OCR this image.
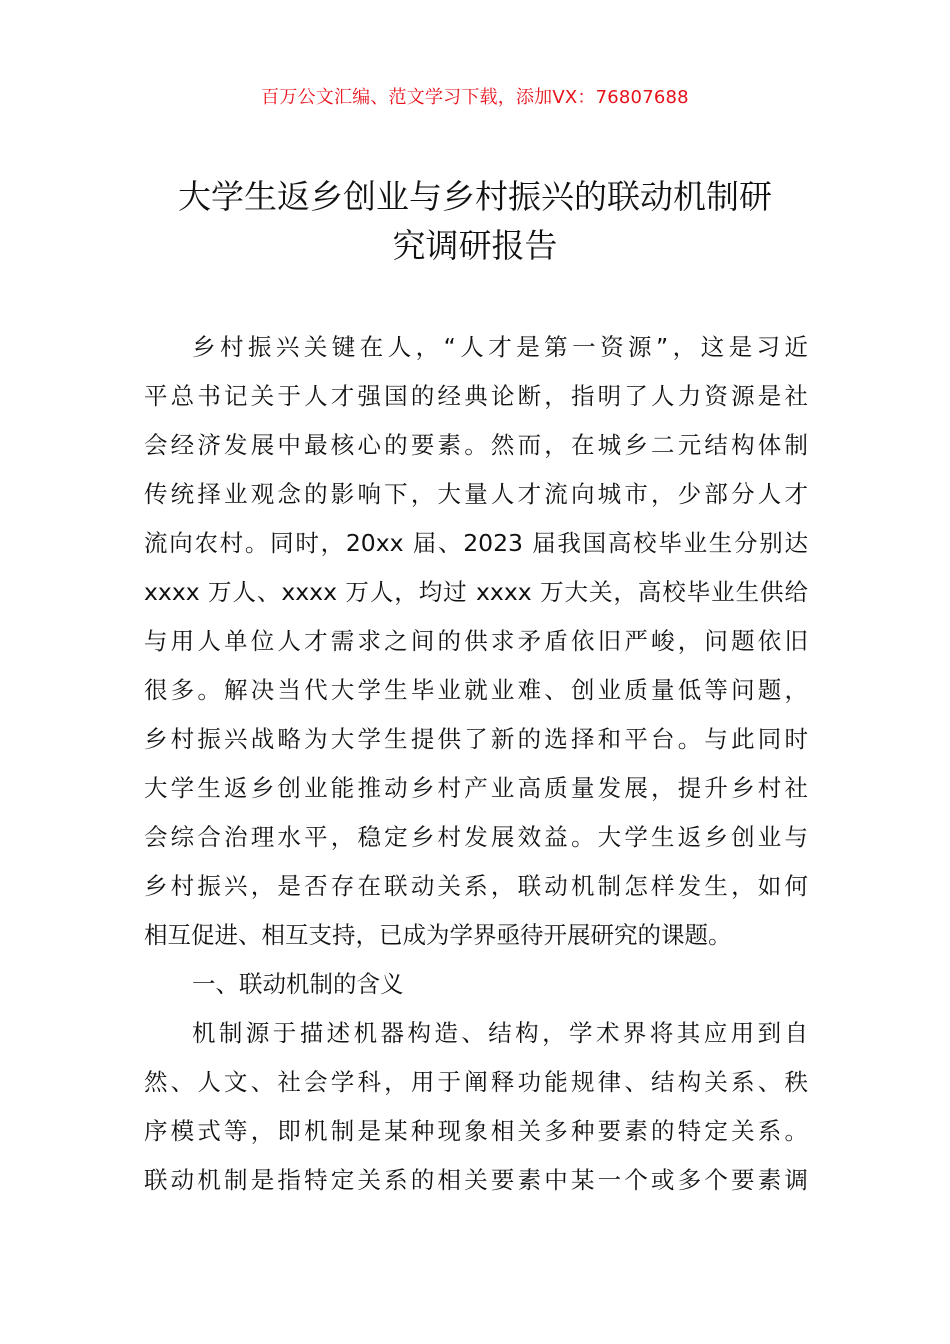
百万公文汇编、范文学习下载，添加VX：76807688
大学生返乡创业与乡村振兴的联动机制研
究调研报告

乡村振兴关键在人，“人才是第一资源”，这是习近
平总书记关于人才强国的经典论断，指明了人力资源是社
会经济发展中最核心的要素。然而，在城乡二元结构体制
传统择业观念的影响下，大量人才流向城市，少部分人才
流向农村。同时，20xx 届、2023 届我国高校毕业生分别达
xxxx 万人、xxxx 万人，均过 xxxx 万大关，高校毕业生供给
与用人单位人才需求之间的供求矛盾依旧严峻，问题依旧
很多。解决当代大学生毕业就业难、创业质量低等问题，
乡村振兴战略为大学生提供了新的选择和平台。与此同时
大学生返乡创业能推动乡村产业高质量发展，提升乡村社
会综合治理水平，稳定乡村发展效益。大学生返乡创业与
乡村振兴，是否存在联动关系，联动机制怎样发生，如何
相互促进、相互支持，已成为学界亟待开展研究的课题。

一、联动机制的含义

机制源于描述机器构造、结构，学术界将其应用到自
然、人文、社会学科，用于阐释功能规律、结构关系、秩
序模式等，即机制是某种现象相关多种要素的特定关系。
联动机制是指特定关系的相关要素中某一个或多个要素调
